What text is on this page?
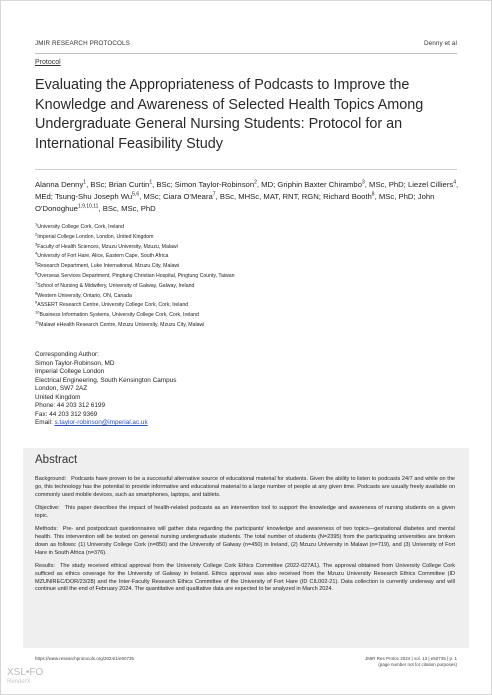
JMIR RESEARCH PROTOCOLS	Denny et al
Protocol
Evaluating the Appropriateness of Podcasts to Improve the Knowledge and Awareness of Selected Health Topics Among Undergraduate General Nursing Students: Protocol for an International Feasibility Study
Alanna Denny$^1$, BSc; Brian Curtin$^1$, BSc; Simon Taylor-Robinson$^2$, MD; Griphin Baxter Chirambo$^3$, MSc, PhD; Liezel Cilliers$^4$, MEd; Tsung-Shu Joseph Wu$^{5,6}$, MSc; Ciara O'Meara$^7$, BSc, MHSc, MAT, RNT, RGN; Richard Booth$^8$, MSc, PhD; John O'Donoghue$^{1,9,10,11}$, BSc, MSc, PhD
$^1$University College Cork, Cork, Ireland
$^2$Imperial College London, London, United Kingdom
$^3$Faculty of Health Sciences, Mzuzu University, Mzuzu, Malawi
$^4$University of Fort Hare, Alice, Eastern Cape, South Africa
$^5$Research Department, Luke International, Mzuzu City, Malawi
$^6$Overseas Services Department, Pingtung Christian Hospital, Pingtung County, Taiwan
$^7$School of Nursing & Midwifery, University of Galway, Galway, Ireland
$^8$Western University, Ontario, ON, Canada
$^9$ASSERT Research Centre, University College Cork, Cork, Ireland
$^{10}$Business Information Systems, University College Cork, Cork, Ireland
$^{11}$Malawi eHealth Research Centre, Mzuzu University, Mzuzu City, Malawi
Corresponding Author:
Simon Taylor-Robinson, MD
Imperial College London
Electrical Engineering, South Kensington Campus
London, SW7 2AZ
United Kingdom
Phone: 44 203 312 6199
Fax: 44 203 312 9369
Email: s.taylor-robinson@imperial.ac.uk
Abstract

Background: Podcasts have proven to be a successful alternative source of educational material for students. Given the ability to listen to podcasts 24/7 and while on the go, this technology has the potential to provide informative and educational material to a large number of people at any given time. Podcasts are usually freely available on commonly used mobile devices, such as smartphones, laptops, and tablets.

Objective: This paper describes the impact of health-related podcasts as an intervention tool to support the knowledge and awareness of nursing students on a given topic.

Methods: Pre- and postpodcast questionnaires will gather data regarding the participants' knowledge and awareness of two topics—gestational diabetes and mental health. This intervention will be tested on general nursing undergraduate students. The total number of students (N=2395) from the participating universities are broken down as follows: (1) University College Cork (n=850) and the University of Galway (n=450) in Ireland, (2) Mzuzu University in Malawi (n=719), and (3) University of Fort Hare in South Africa (n=376).

Results: The study received ethical approval from the University College Cork Ethics Committee (2022-027A1). The approval obtained from University College Cork sufficed as ethics coverage for the University of Galway in Ireland. Ethics approval was also received from the Mzuzu University Research Ethics Committee (ID MZUNIREC/DOR/23/28) and the Inter-Faculty Research Ethics Committee of the University of Fort Hare (ID CIL002-21). Data collection is currently underway and will continue until the end of February 2024. The quantitative and qualitative data are expected to be analyzed in March 2024.

https://www.researchprotocols.org/2024/1/e50735	JMIR Res Protoc 2024 | vol. 13 | e50735 | p. 1
(page number not for citation purposes)
XSL•FO
RenderX
